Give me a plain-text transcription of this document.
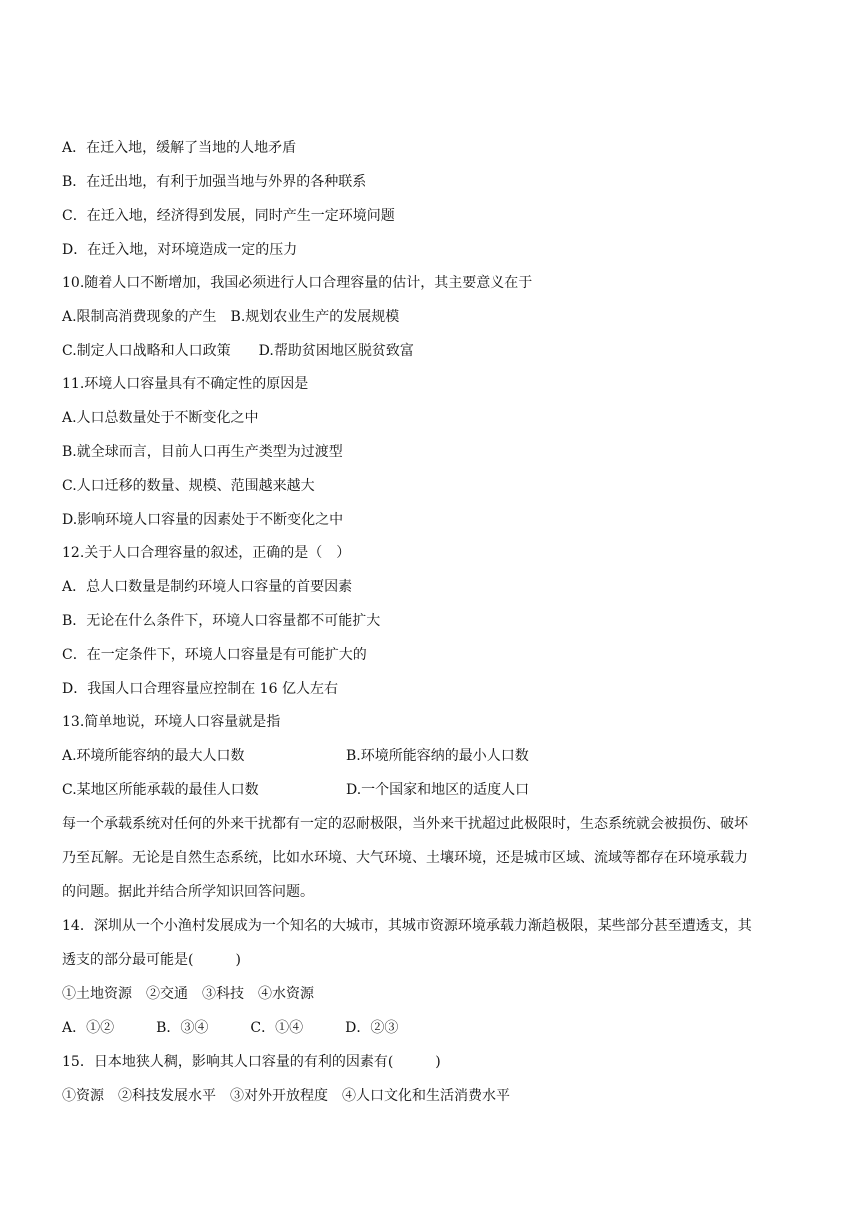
A．在迁入地，缓解了当地的人地矛盾
B．在迁出地，有利于加强当地与外界的各种联系
C．在迁入地，经济得到发展，同时产生一定环境问题
D．在迁入地，对环境造成一定的压力
10.随着人口不断增加，我国必须进行人口合理容量的估计，其主要意义在于
A.限制高消费现象的产生　B.规划农业生产的发展规模
C.制定人口战略和人口政策　　D.帮助贫困地区脱贫致富
11.环境人口容量具有不确定性的原因是
A.人口总数量处于不断变化之中
B.就全球而言，目前人口再生产类型为过渡型
C.人口迁移的数量、规模、范围越来越大
D.影响环境人口容量的因素处于不断变化之中
12.关于人口合理容量的叙述，正确的是（　）
A．总人口数量是制约环境人口容量的首要因素
B．无论在什么条件下，环境人口容量都不可能扩大
C．在一定条件下，环境人口容量是有可能扩大的
D．我国人口合理容量应控制在 16 亿人左右
13.简单地说，环境人口容量就是指
A.环境所能容纳的最大人口数	B.环境所能容纳的最小人口数
C.某地区所能承载的最佳人口数	D.一个国家和地区的适度人口
每一个承载系统对任何的外来干扰都有一定的忍耐极限，当外来干扰超过此极限时，生态系统就会被损伤、破坏
乃至瓦解。无论是自然生态系统，比如水环境、大气环境、土壤环境，还是城市区域、流域等都存在环境承载力
的问题。据此并结合所学知识回答问题。
14．深圳从一个小渔村发展成为一个知名的大城市，其城市资源环境承载力渐趋极限，某些部分甚至遭透支，其
透支的部分最可能是(　　　)
①土地资源　②交通　③科技　④水资源
A．①②　　　B．③④　　　C．①④　　　D．②③
15．日本地狭人稠，影响其人口容量的有利的因素有(　　　)
①资源　②科技发展水平　③对外开放程度　④人口文化和生活消费水平
